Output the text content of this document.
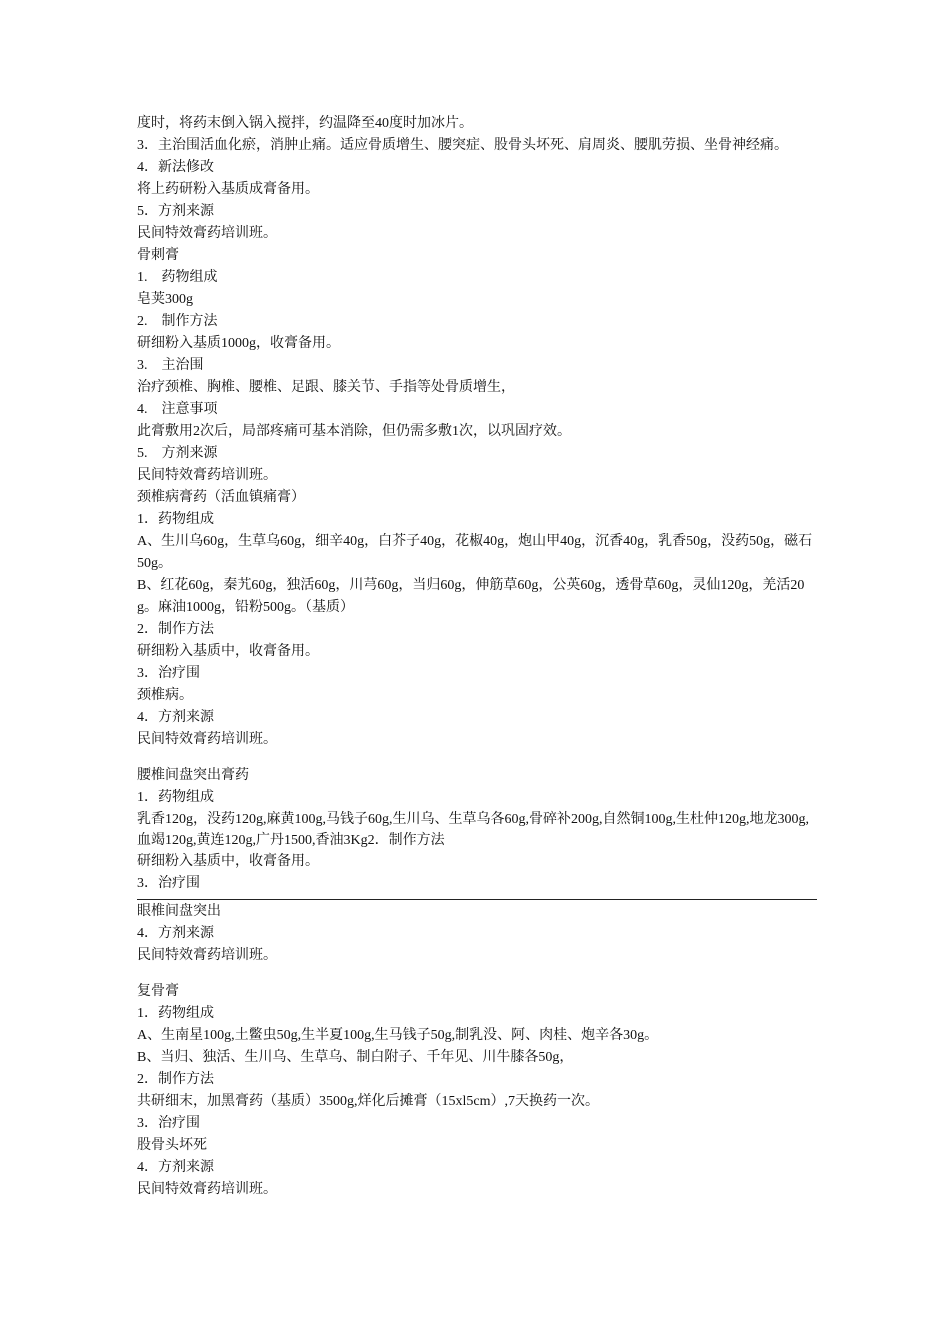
度时，将药末倒入锅入搅拌，约温降至40度时加冰片。
3．主治围活血化瘀，消肿止痛。适应骨质增生、腰突症、股骨头坏死、肩周炎、腰肌劳损、坐骨神经痛。
4．新法修改
将上药研粉入基质成膏备用。
5．方剂来源
民间特效膏药培训班。
骨刺膏
1.　药物组成
皂荚300g
2.　制作方法
研细粉入基质1000g，收膏备用。
3.　主治围
治疗颈椎、胸椎、腰椎、足跟、膝关节、手指等处骨质增生，
4.　注意事项
此膏敷用2次后，局部疼痛可基本消除，但仍需多敷1次，以巩固疗效。
5.　方剂来源
民间特效膏药培训班。
颈椎病膏药（活血镇痛膏）
1．药物组成
A、生川乌60g，生草乌60g，细辛40g，白芥子40g，花椒40g，炮山甲40g，沉香40g，乳香50g，没药50g，磁石50g。
B、红花60g，秦艽60g，独活60g，川芎60g，当归60g，伸筋草60g，公英60g，透骨草60g，灵仙120g，羌活20g。麻油1000g，铅粉500g。（基质）
2．制作方法
研细粉入基质中，收膏备用。
3．治疗围
颈椎病。
4．方剂来源
民间特效膏药培训班。
腰椎间盘突出膏药
1．药物组成
乳香120g，没药120g,麻黄100g,马钱子60g,生川乌、生草乌各60g,骨碎补200g,自然铜100g,生杜仲120g,地龙300g,血竭120g,黄连120g,广丹1500,香油3Kg2．制作方法
研细粉入基质中，收膏备用。
3．治疗围
眼椎间盘突出
4．方剂来源
民间特效膏药培训班。
复骨膏
1．药物组成
A、生南星100g,土鳖虫50g,生半夏100g,生马钱子50g,制乳没、阿、肉桂、炮辛各30g。
B、当归、独活、生川乌、生草乌、制白附子、千年见、川牛膝各50g，
2．制作方法
共研细末，加黑膏药（基质）3500g,烊化后摊膏（15xl5cm）,7天换药一次。
3．治疗围
股骨头坏死
4．方剂来源
民间特效膏药培训班。
